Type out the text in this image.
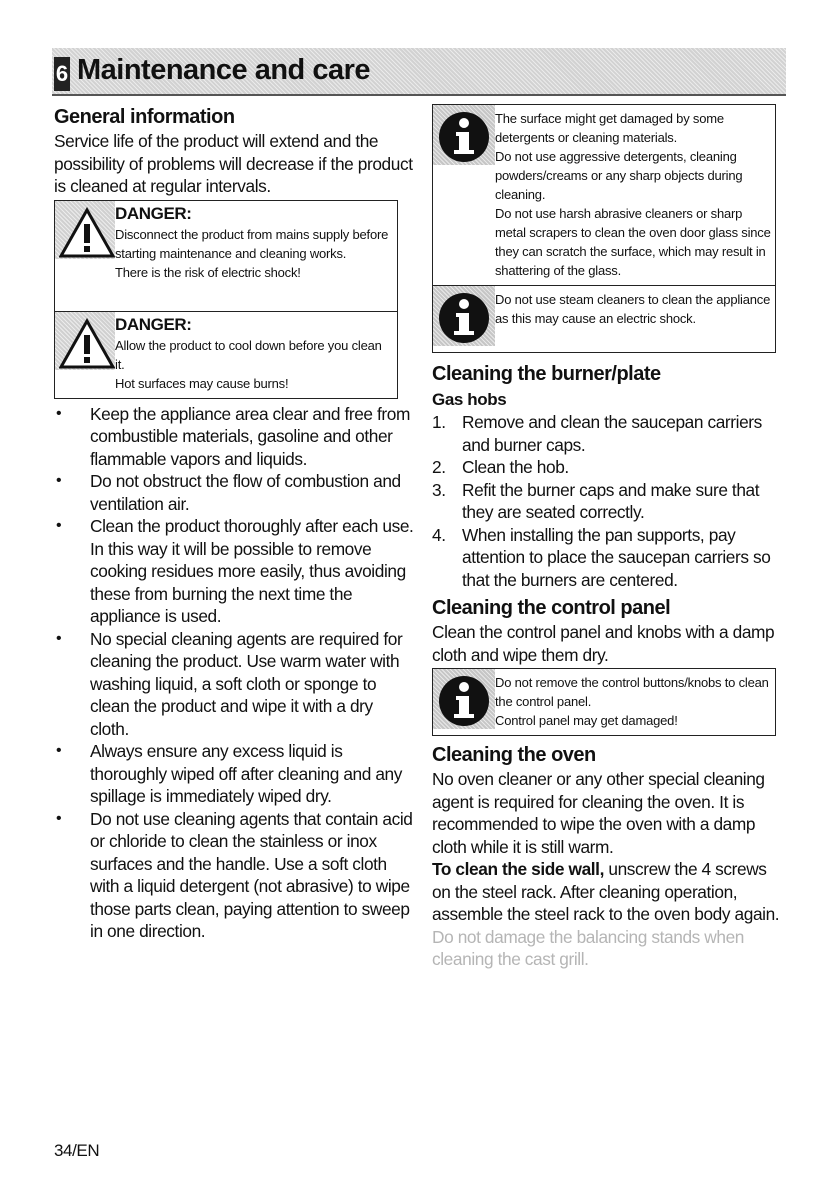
6 Maintenance and care
General information

Service life of the product will extend and the possibility of problems will decrease if the product is cleaned at regular intervals.

DANGER:
Disconnect the product from mains supply before starting maintenance and cleaning works.
There is the risk of electric shock!
DANGER:
Allow the product to cool down before you clean it.
Hot surfaces may cause burns!
• Keep the appliance area clear and free from combustible materials, gasoline and other flammable vapors and liquids.
• Do not obstruct the flow of combustion and ventilation air.
• Clean the product thoroughly after each use. In this way it will be possible to remove cooking residues more easily, thus avoiding these from burning the next time the appliance is used.
• No special cleaning agents are required for cleaning the product. Use warm water with washing liquid, a soft cloth or sponge to clean the product and wipe it with a dry cloth.
• Always ensure any excess liquid is thoroughly wiped off after cleaning and any spillage is immediately wiped dry.
• Do not use cleaning agents that contain acid or chloride to clean the stainless or inox surfaces and the handle. Use a soft cloth with a liquid detergent (not abrasive) to wipe those parts clean, paying attention to sweep in one direction.
The surface might get damaged by some detergents or cleaning materials.
Do not use aggressive detergents, cleaning powders/creams or any sharp objects during cleaning.
Do not use harsh abrasive cleaners or sharp metal scrapers to clean the oven door glass since they can scratch the surface, which may result in shattering of the glass.
Do not use steam cleaners to clean the appliance as this may cause an electric shock.
Cleaning the burner/plate
Gas hobs
1. Remove and clean the saucepan carriers and burner caps.
2. Clean the hob.
3. Refit the burner caps and make sure that they are seated correctly.
4. When installing the pan supports, pay attention to place the saucepan carriers so that the burners are centered.
Cleaning the control panel

Clean the control panel and knobs with a damp cloth and wipe them dry.

Do not remove the control buttons/knobs to clean the control panel.
Control panel may get damaged!
Cleaning the oven

No oven cleaner or any other special cleaning agent is required for cleaning the oven. It is recommended to wipe the oven with a damp cloth while it is still warm.

To clean the side wall, unscrew the 4 screws on the steel rack. After cleaning operation, assemble the steel rack to the oven body again.

Do not damage the balancing stands when cleaning the cast grill.

34/EN
